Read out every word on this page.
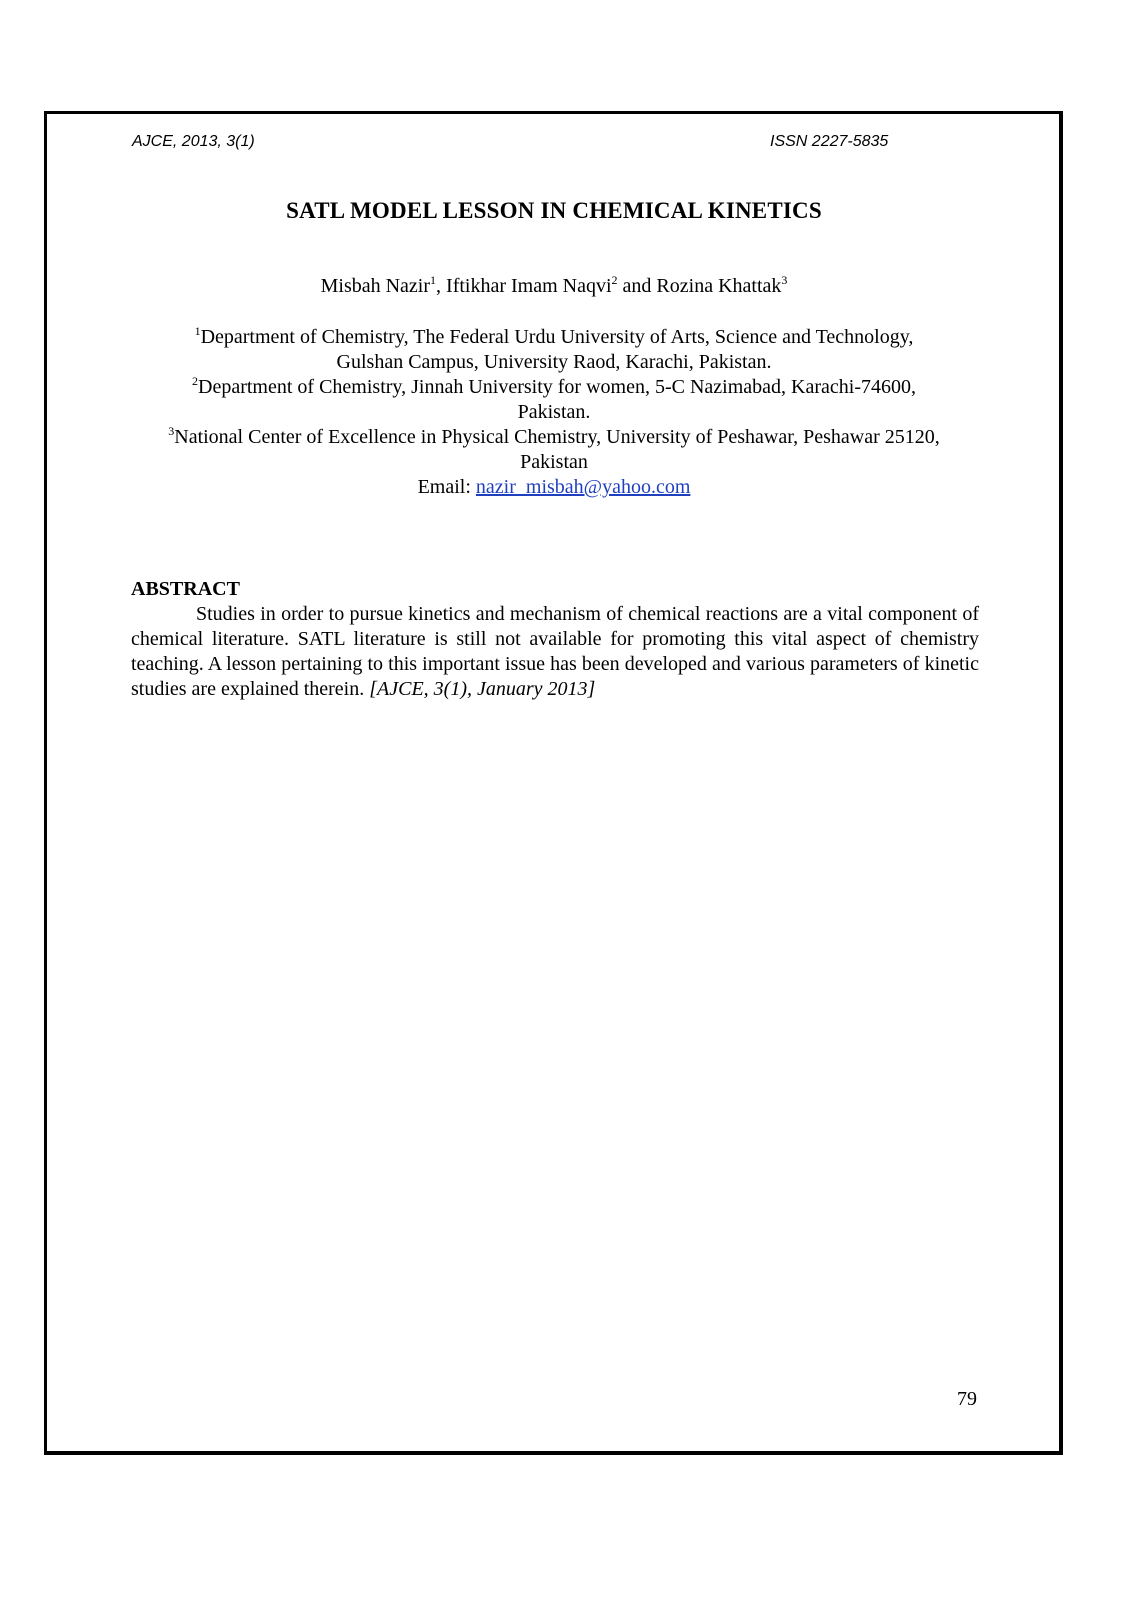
AJCE, 2013, 3(1)	ISSN 2227-5835
SATL MODEL LESSON IN CHEMICAL KINETICS
Misbah Nazir$^1$, Iftikhar Imam Naqvi$^2$ and Rozina Khattak$^3$
$^1$Department of Chemistry, The Federal Urdu University of Arts, Science and Technology,
Gulshan Campus, University Raod, Karachi, Pakistan.
$^2$Department of Chemistry, Jinnah University for women, 5-C Nazimabad, Karachi-74600,
Pakistan.
$^3$National Center of Excellence in Physical Chemistry, University of Peshawar, Peshawar 25120,
Pakistan
Email: nazir_misbah@yahoo.com
ABSTRACT
Studies in order to pursue kinetics and mechanism of chemical reactions are a vital component of chemical literature. SATL literature is still not available for promoting this vital aspect of chemistry teaching. A lesson pertaining to this important issue has been developed and various parameters of kinetic studies are explained therein. [AJCE, 3(1), January 2013]
79
